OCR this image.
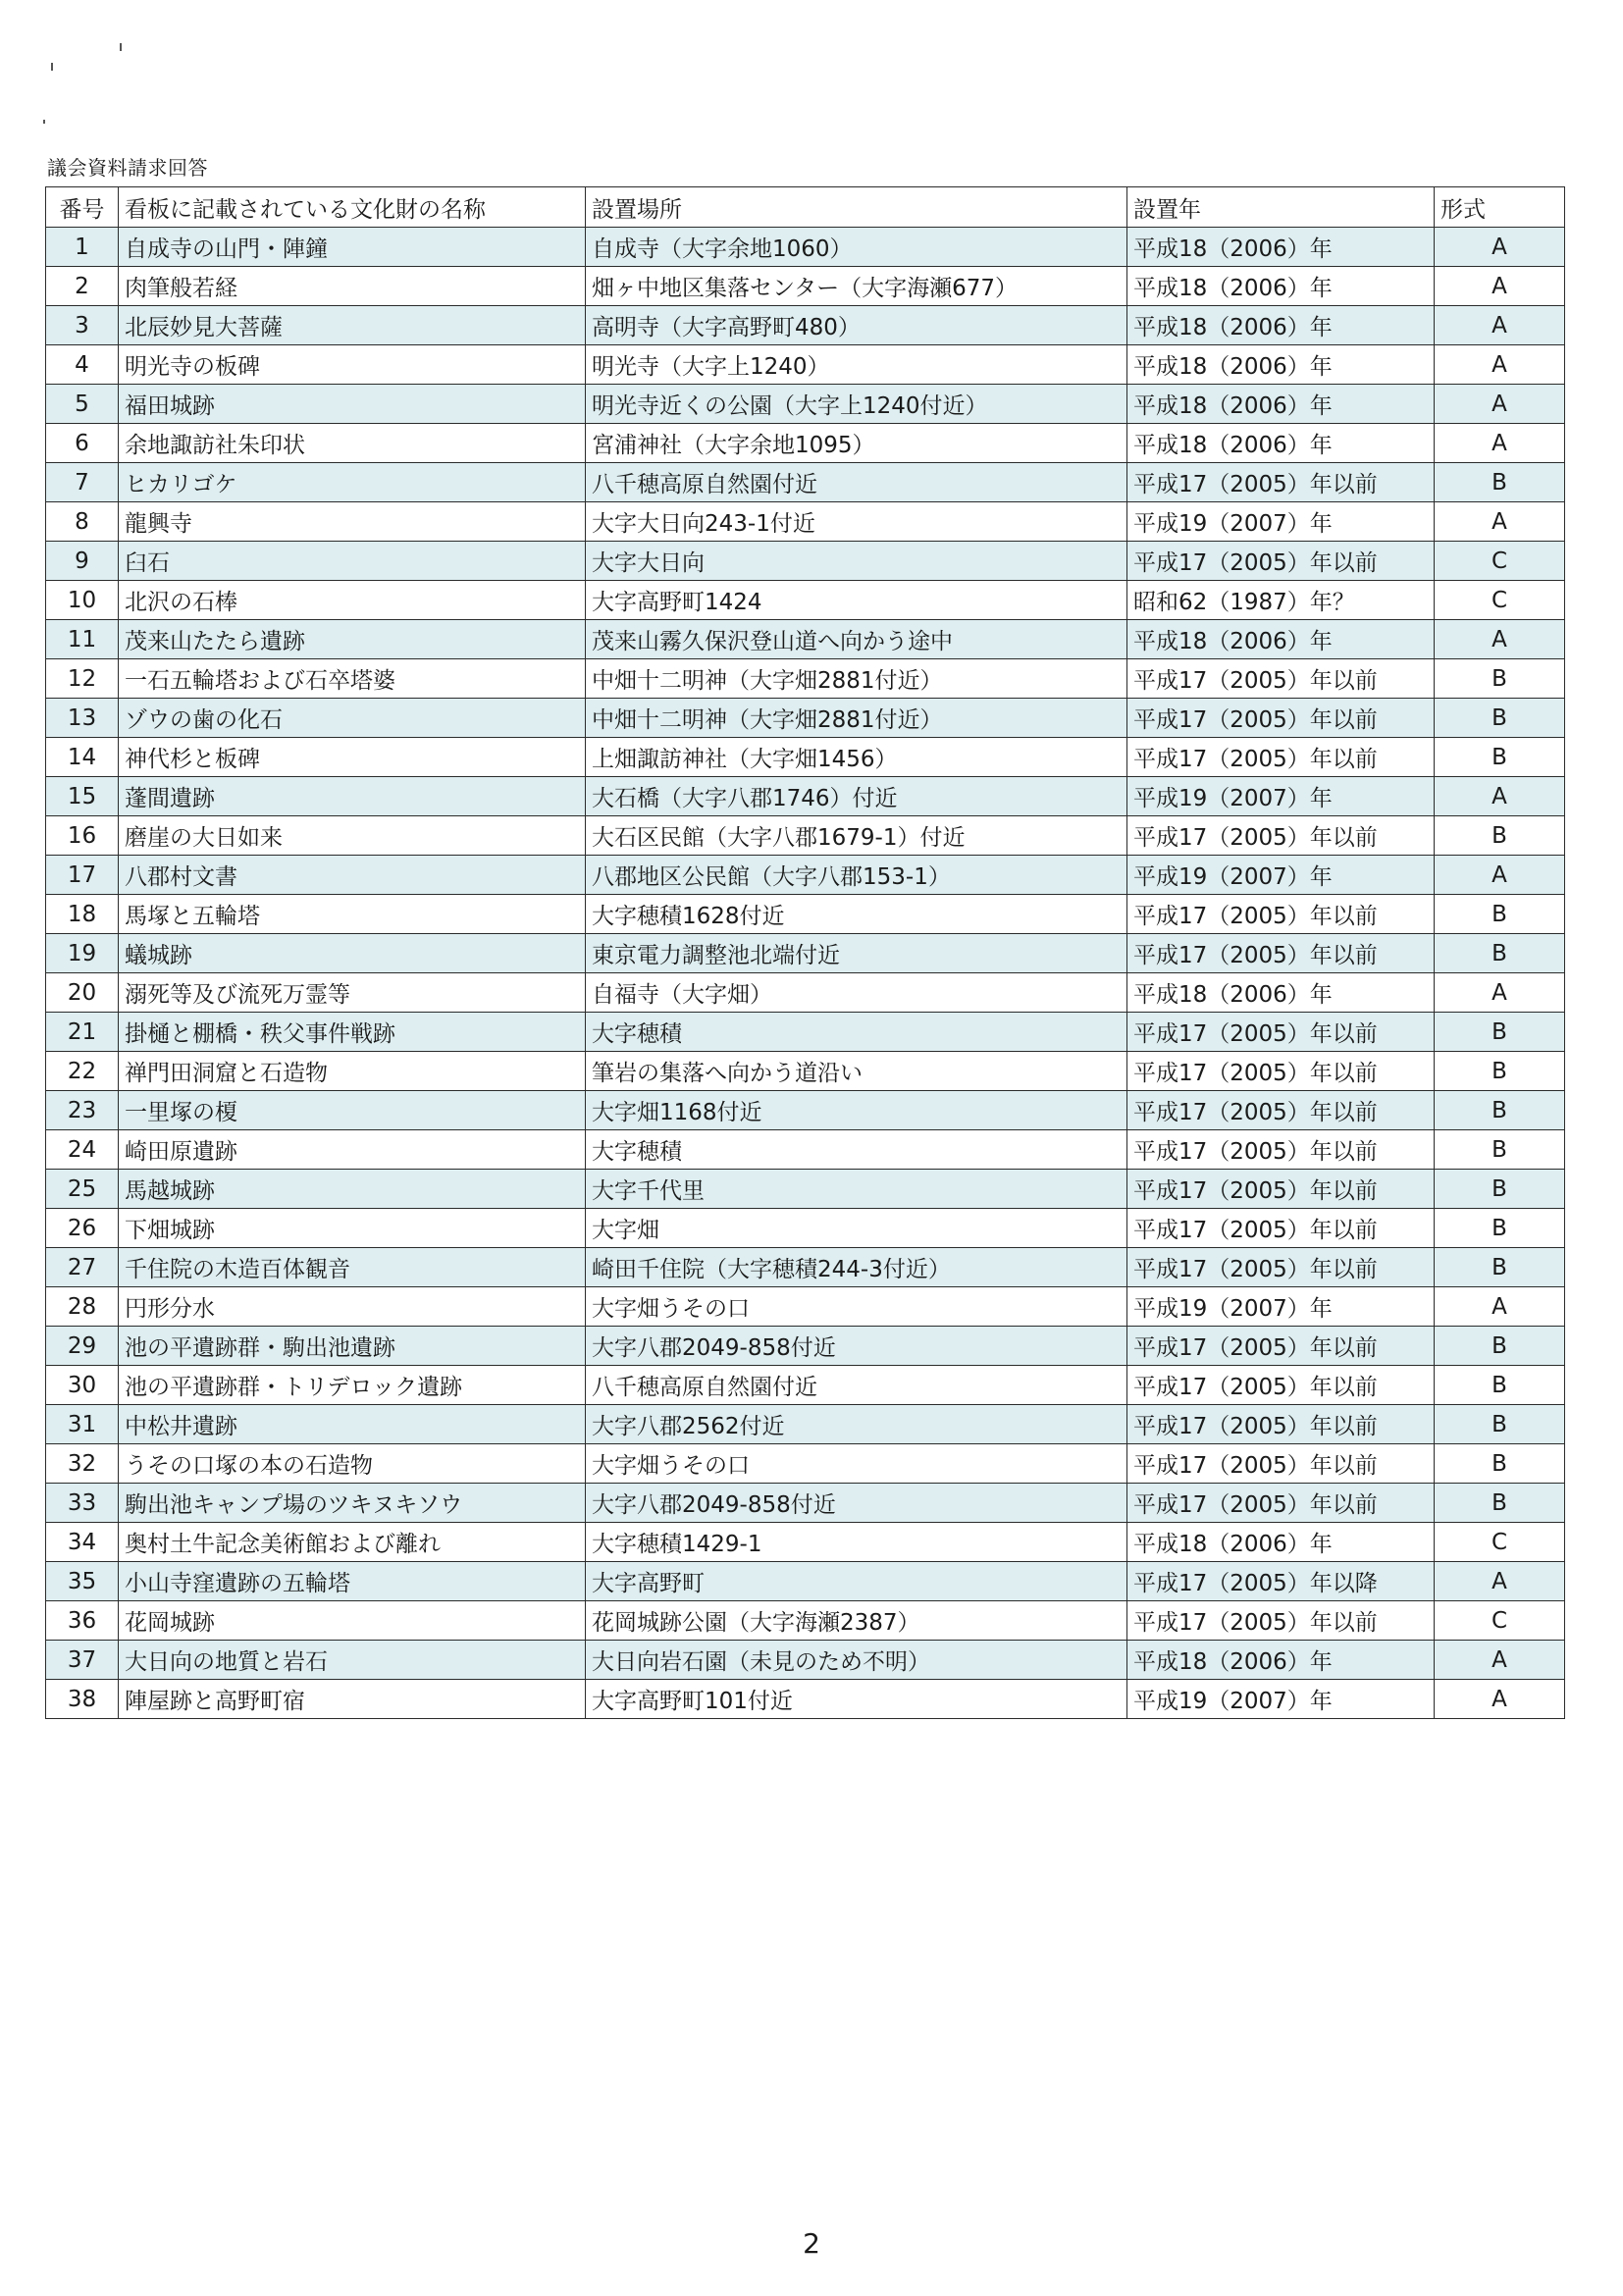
議会資料請求回答
番号	看板に記載されている文化財の名称	設置場所	設置年	形式
1	自成寺の山門・陣鐘	自成寺（大字余地1060）	平成18（2006）年	A
2	肉筆般若経	畑ヶ中地区集落センター（大字海瀬677）	平成18（2006）年	A
3	北辰妙見大菩薩	高明寺（大字高野町480）	平成18（2006）年	A
4	明光寺の板碑	明光寺（大字上1240）	平成18（2006）年	A
5	福田城跡	明光寺近くの公園（大字上1240付近）	平成18（2006）年	A
6	余地諏訪社朱印状	宮浦神社（大字余地1095）	平成18（2006）年	A
7	ヒカリゴケ	八千穂高原自然園付近	平成17（2005）年以前	B
8	龍興寺	大字大日向243-1付近	平成19（2007）年	A
9	臼石	大字大日向	平成17（2005）年以前	C
10	北沢の石棒	大字高野町1424	昭和62（1987）年？	C
11	茂来山たたら遺跡	茂来山霧久保沢登山道へ向かう途中	平成18（2006）年	A
12	一石五輪塔および石卒塔婆	中畑十二明神（大字畑2881付近）	平成17（2005）年以前	B
13	ゾウの歯の化石	中畑十二明神（大字畑2881付近）	平成17（2005）年以前	B
14	神代杉と板碑	上畑諏訪神社（大字畑1456）	平成17（2005）年以前	B
15	蓬間遺跡	大石橋（大字八郡1746）付近	平成19（2007）年	A
16	磨崖の大日如来	大石区民館（大字八郡1679-1）付近	平成17（2005）年以前	B
17	八郡村文書	八郡地区公民館（大字八郡153-1）	平成19（2007）年	A
18	馬塚と五輪塔	大字穂積1628付近	平成17（2005）年以前	B
19	蟻城跡	東京電力調整池北端付近	平成17（2005）年以前	B
20	溺死等及び流死万霊等	自福寺（大字畑）	平成18（2006）年	A
21	掛樋と棚橋・秩父事件戦跡	大字穂積	平成17（2005）年以前	B
22	禅門田洞窟と石造物	筆岩の集落へ向かう道沿い	平成17（2005）年以前	B
23	一里塚の榎	大字畑1168付近	平成17（2005）年以前	B
24	崎田原遺跡	大字穂積	平成17（2005）年以前	B
25	馬越城跡	大字千代里	平成17（2005）年以前	B
26	下畑城跡	大字畑	平成17（2005）年以前	B
27	千住院の木造百体観音	崎田千住院（大字穂積244-3付近）	平成17（2005）年以前	B
28	円形分水	大字畑うその口	平成19（2007）年	A
29	池の平遺跡群・駒出池遺跡	大字八郡2049-858付近	平成17（2005）年以前	B
30	池の平遺跡群・トリデロック遺跡	八千穂高原自然園付近	平成17（2005）年以前	B
31	中松井遺跡	大字八郡2562付近	平成17（2005）年以前	B
32	うその口塚の本の石造物	大字畑うその口	平成17（2005）年以前	B
33	駒出池キャンプ場のツキヌキソウ	大字八郡2049-858付近	平成17（2005）年以前	B
34	奥村土牛記念美術館および離れ	大字穂積1429-1	平成18（2006）年	C
35	小山寺窪遺跡の五輪塔	大字高野町	平成17（2005）年以降	A
36	花岡城跡	花岡城跡公園（大字海瀬2387）	平成17（2005）年以前	C
37	大日向の地質と岩石	大日向岩石園（未見のため不明）	平成18（2006）年	A
38	陣屋跡と高野町宿	大字高野町101付近	平成19（2007）年	A
2
